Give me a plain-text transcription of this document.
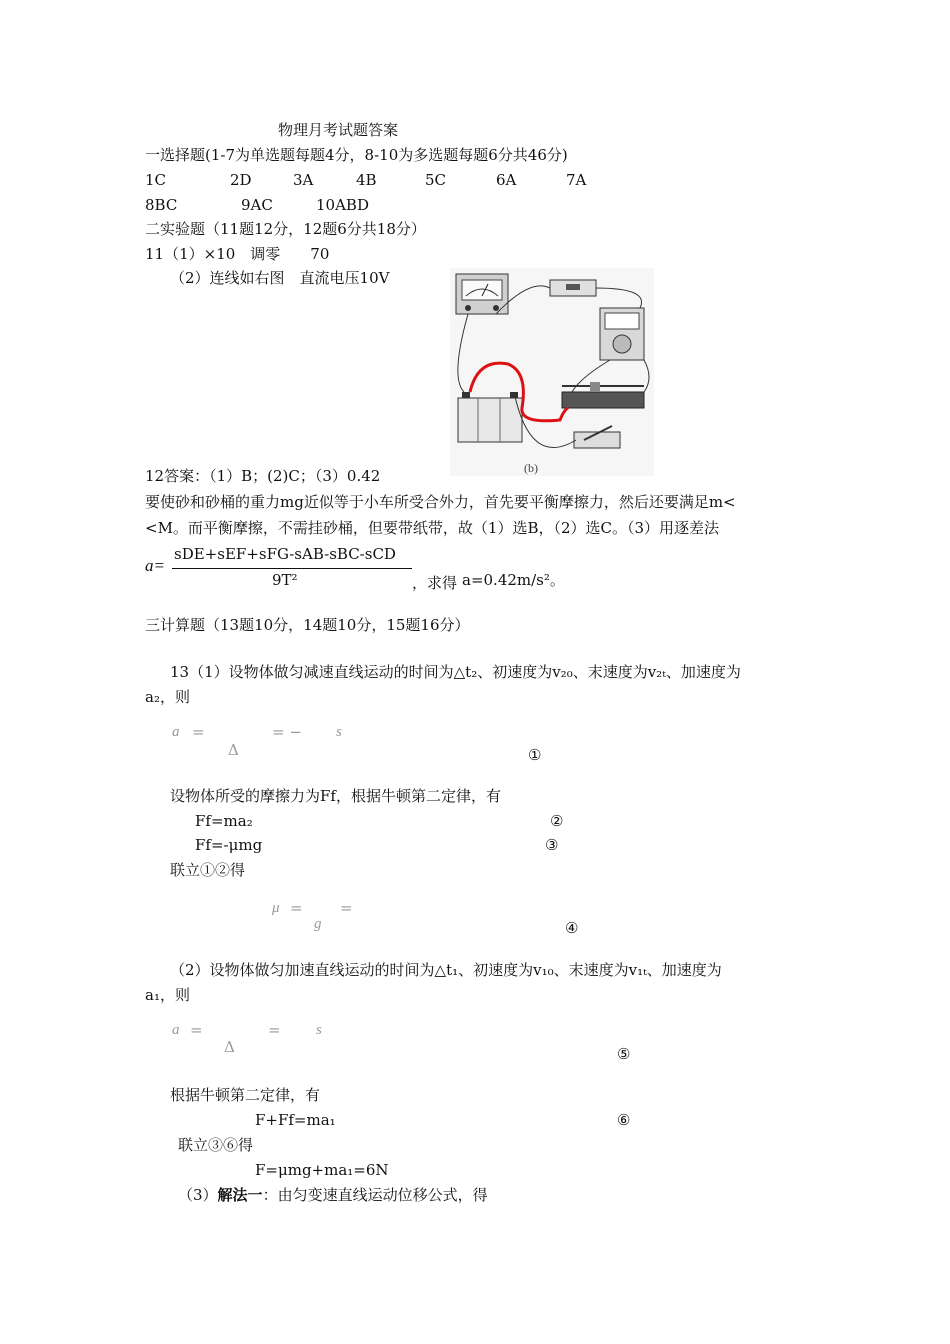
物理月考试题答案
一选择题(1-7为单选题每题4分，8-10为多选题每题6分共46分)
1C	2D	3A	4B	5C	6A	7A
8BC	9AC	10ABD
二实验题（11题12分，12题6分共18分）
11（1）×10　调零　　70
（2）连线如右图　直流电压10V
(b)
12答案：（1）B；(2)C；（3）0.42
要使砂和砂桶的重力mg近似等于小车所受合外力，首先要平衡摩擦力，然后还要满足m<
<M。而平衡摩擦，不需挂砂桶，但要带纸带，故（1）选B，（2）选C。（3）用逐差法
a=
sDE+sEF+sFG-sAB-sBC-sCD
9T²	，求得 a=0.42m/s²。
三计算题（13题10分，14题10分，15题16分）
13（1）设物体做匀减速直线运动的时间为△t₂、初速度为v₂₀、末速度为v₂ₜ、加速度为
a₂，则
a =
Δ
= − s
①
设物体所受的摩擦力为Ff，根据牛顿第二定律，有
Ff=ma₂	②
Ff=-μmg	③
联立①②得
μ =
g
=
④
（2）设物体做匀加速直线运动的时间为△t₁、初速度为v₁₀、末速度为v₁ₜ、加速度为
a₁，则
a =
Δ
= s
⑤
根据牛顿第二定律，有
F+Ff=ma₁	⑥
联立③⑥得
F=μmg+ma₁=6N
（3）解法一：由匀变速直线运动位移公式，得
